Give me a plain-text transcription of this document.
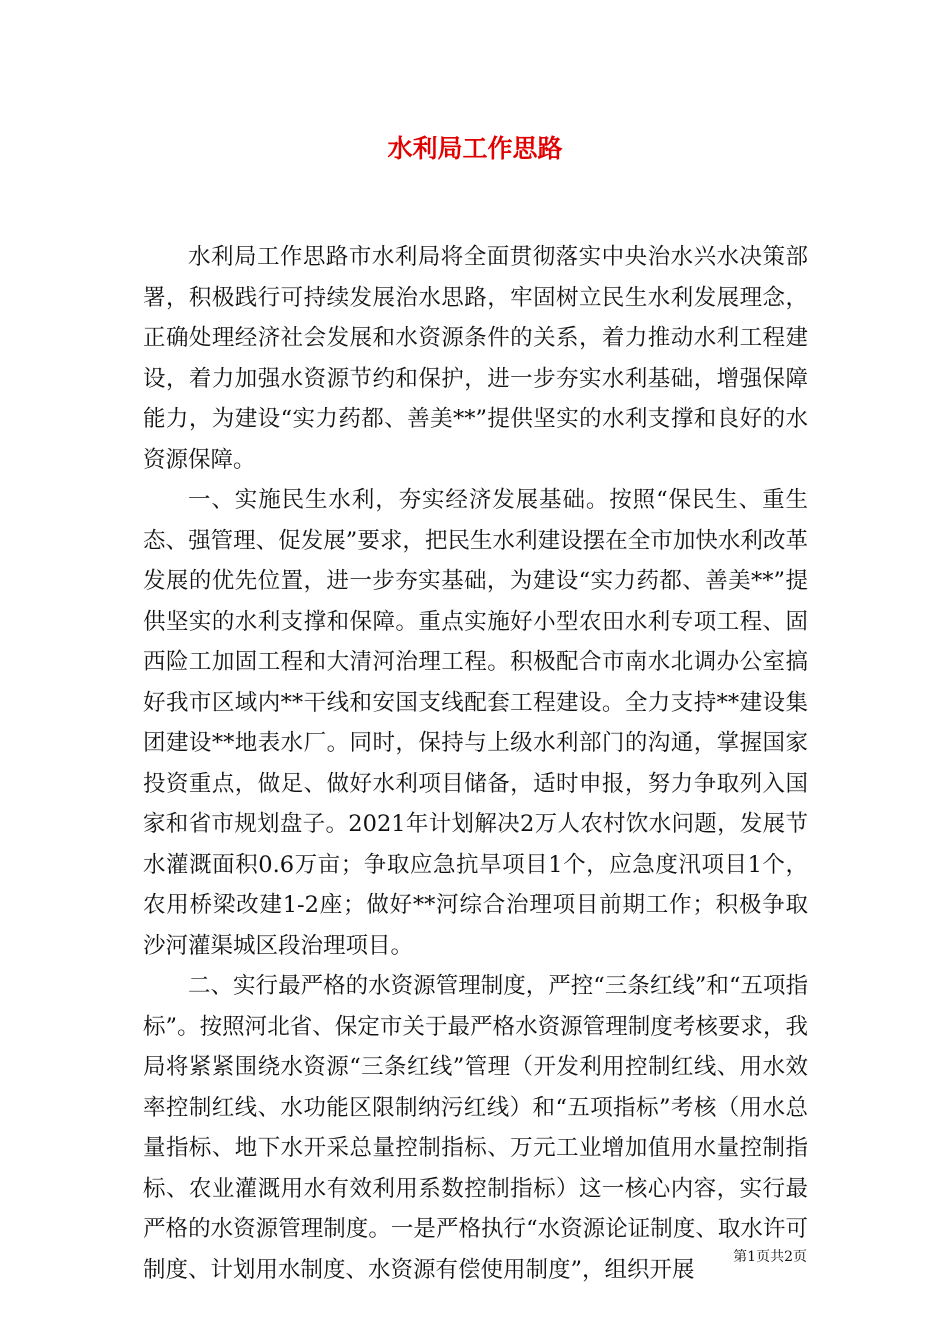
水利局工作思路

水利局工作思路市水利局将全面贯彻落实中央治水兴水决策部署，积极践行可持续发展治水思路，牢固树立民生水利发展理念，正确处理经济社会发展和水资源条件的关系，着力推动水利工程建设，着力加强水资源节约和保护，进一步夯实水利基础，增强保障能力，为建设“实力药都、善美**”提供坚实的水利支撑和良好的水资源保障。

一、实施民生水利，夯实经济发展基础。按照“保民生、重生态、强管理、促发展”要求，把民生水利建设摆在全市加快水利改革发展的优先位置，进一步夯实基础，为建设“实力药都、善美**”提供坚实的水利支撑和保障。重点实施好小型农田水利专项工程、固西险工加固工程和大清河治理工程。积极配合市南水北调办公室搞好我市区域内**干线和安国支线配套工程建设。全力支持**建设集团建设**地表水厂。同时，保持与上级水利部门的沟通，掌握国家投资重点，做足、做好水利项目储备，适时申报，努力争取列入国家和省市规划盘子。2021年计划解决2万人农村饮水问题，发展节水灌溉面积0.6万亩；争取应急抗旱项目1个，应急度汛项目1个，农用桥梁改建1-2座；做好**河综合治理项目前期工作；积极争取沙河灌渠城区段治理项目。

二、实行最严格的水资源管理制度，严控“三条红线”和“五项指标”。按照河北省、保定市关于最严格水资源管理制度考核要求，我局将紧紧围绕水资源“三条红线”管理（开发利用控制红线、用水效率控制红线、水功能区限制纳污红线）和“五项指标”考核（用水总量指标、地下水开采总量控制指标、万元工业增加值用水量控制指标、农业灌溉用水有效利用系数控制指标）这一核心内容，实行最严格的水资源管理制度。一是严格执行“水资源论证制度、取水许可制度、计划用水制度、水资源有偿使用制度”，组织开展	第1页共2页
